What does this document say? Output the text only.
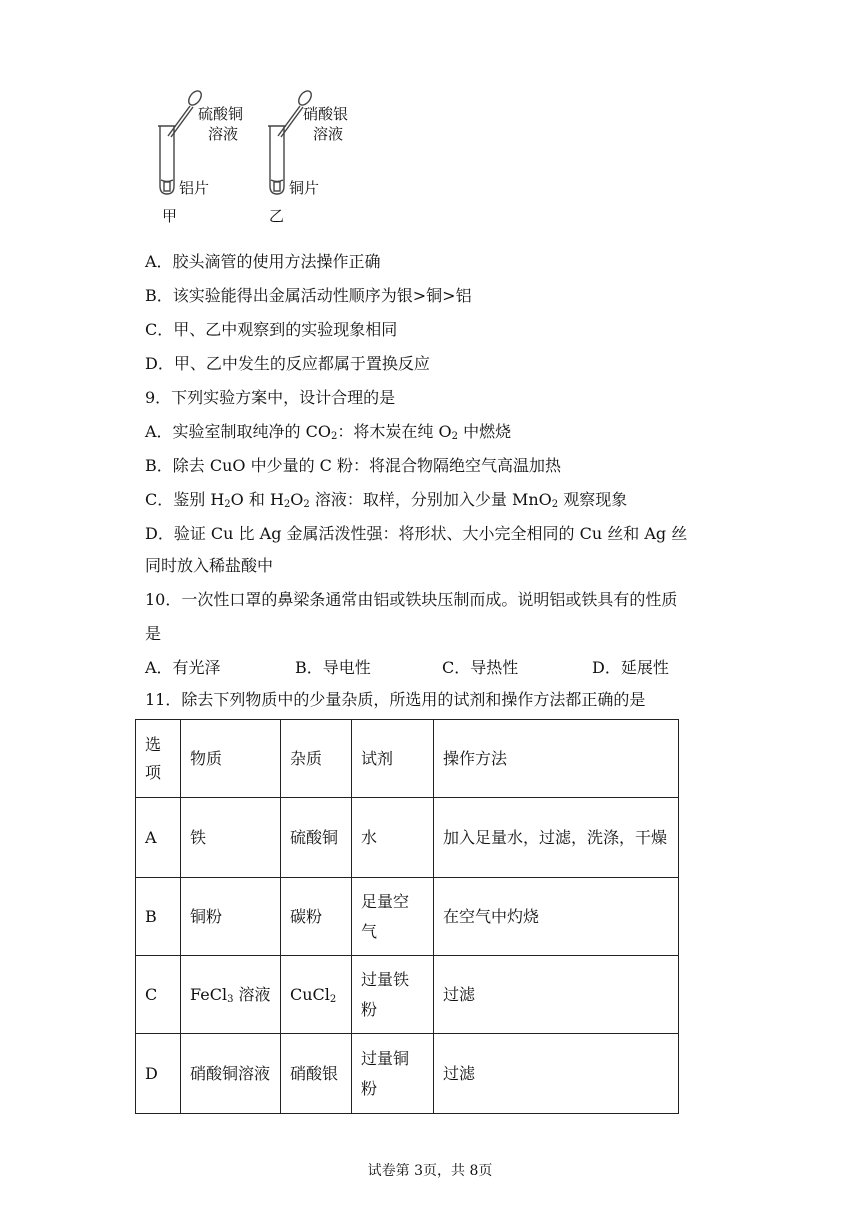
硫酸铜
溶液
铝片
甲
硝酸银
溶液
铜片
乙
A．胶头滴管的使用方法操作正确
B．该实验能得出金属活动性顺序为银>铜>铝
C．甲、乙中观察到的实验现象相同
D．甲、乙中发生的反应都属于置换反应
9．下列实验方案中，设计合理的是
A．实验室制取纯净的 $CO_2$：将木炭在纯 $O_2$ 中燃烧
B．除去 CuO 中少量的 C 粉：将混合物隔绝空气高温加热
C．鉴别 $H_2O$ 和 $H_2O_2$ 溶液：取样，分别加入少量 MnO$_2$ 观察现象
D．验证 Cu 比 Ag 金属活泼性强：将形状、大小完全相同的 Cu 丝和 Ag 丝
同时放入稀盐酸中
10．一次性口罩的鼻梁条通常由铝或铁块压制而成。说明铝或铁具有的性质
是
A．有光泽	B．导电性	C．导热性	D．延展性
11．除去下列物质中的少量杂质，所选用的试剂和操作方法都正确的是
选项	物质	杂质	试剂	操作方法
A	铁	硫酸铜	水	加入足量水，过滤，洗涤，干燥
B	铜粉	碳粉	足量空气	在空气中灼烧
C	FeCl$_3$ 溶液	CuCl$_2$	过量铁粉	过滤
D	硝酸铜溶液	硝酸银	过量铜粉	过滤
试卷第 3页，共 8页
